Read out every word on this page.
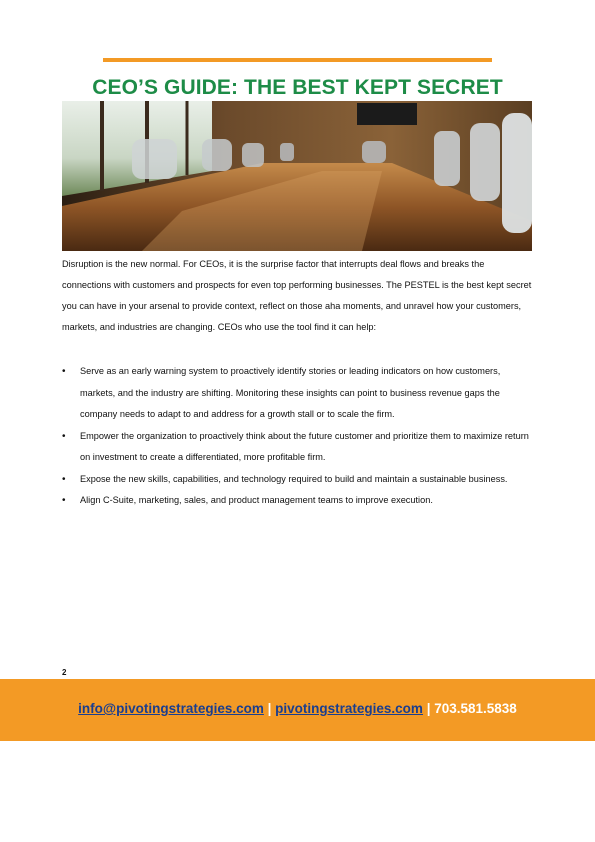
CEO’S GUIDE: THE BEST KEPT SECRET

Disruption is the new normal. For CEOs, it is the surprise factor that interrupts deal flows and breaks the connections with customers and prospects for even top performing businesses. The PESTEL is the best kept secret you can have in your arsenal to provide context, reflect on those aha moments, and unravel how your customers, markets, and industries are changing. CEOs who use the tool find it can help:

• Serve as an early warning system to proactively identify stories or leading indicators on how customers, markets, and the industry are shifting. Monitoring these insights can point to business revenue gaps the company needs to adapt to and address for a growth stall or to scale the firm.
• Empower the organization to proactively think about the future customer and prioritize them to maximize return on investment to create a differentiated, more profitable firm.
• Expose the new skills, capabilities, and technology required to build and maintain a sustainable business.
• Align C-Suite, marketing, sales, and product management teams to improve execution.
2
info@pivotingstrategies.com | pivotingstrategies.com | 703.581.5838
